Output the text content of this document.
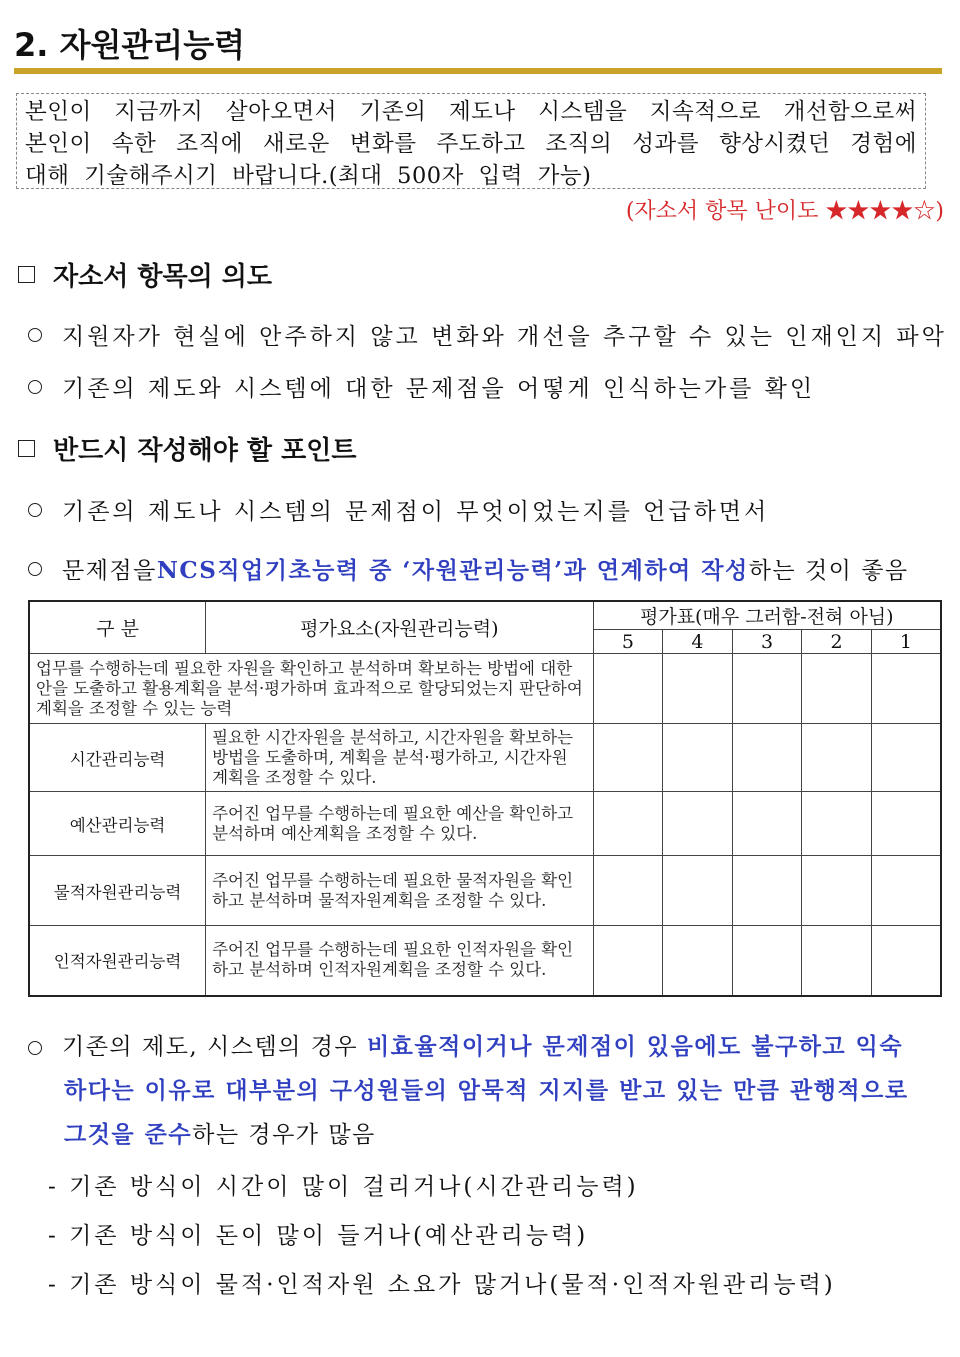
2. 자원관리능력
본인이 지금까지 살아오면서 기존의 제도나 시스템을 지속적으로 개선함으로써
본인이 속한 조직에 새로운 변화를 주도하고 조직의 성과를 향상시켰던 경험에
대해 기술해주시기 바랍니다.(최대 500자 입력 가능)
(자소서 항목 난이도 ★★★★☆)
자소서 항목의 의도
지원자가 현실에 안주하지 않고 변화와 개선을 추구할 수 있는 인재인지 파악
기존의 제도와 시스템에 대한 문제점을 어떻게 인식하는가를 확인
반드시 작성해야 할 포인트
기존의 제도나 시스템의 문제점이 무엇이었는지를 언급하면서
문제점을 NCS직업기초능력 중 ‘자원관리능력’과 연계하여 작성 하는 것이 좋음
구 분	평가요소(자원관리능력)	평가표(매우 그러함-전혀 아님)				
		5	4	3	2	1
업무를 수행하는데 필요한 자원을 확인하고 분석하며 확보하는 방법에 대한 안을 도출하고 활용계획을 분석·평가하며 효과적으로 할당되었는지 판단하여 계획을 조정할 수 있는 능력						
시간관리능력	필요한 시간자원을 분석하고, 시간자원을 확보하는 방법을 도출하며, 계획을 분석·평가하고, 시간자원 계획을 조정할 수 있다.					
예산관리능력	주어진 업무를 수행하는데 필요한 예산을 확인하고 분석하며 예산계획을 조정할 수 있다.					
물적자원관리능력	주어진 업무를 수행하는데 필요한 물적자원을 확인하고 분석하며 물적자원계획을 조정할 수 있다.					
인적자원관리능력	주어진 업무를 수행하는데 필요한 인적자원을 확인하고 분석하며 인적자원계획을 조정할 수 있다.					
기존의 제도, 시스템의 경우 비효율적이거나 문제점이 있음에도 불구하고 익숙
하다는 이유로 대부분의 구성원들의 암묵적 지지를 받고 있는 만큼 관행적으로
그것을 준수하는 경우가 많음
- 기존 방식이 시간이 많이 걸리거나(시간관리능력)
- 기존 방식이 돈이 많이 들거나(예산관리능력)
- 기존 방식이 물적·인적자원 소요가 많거나(물적·인적자원관리능력)
